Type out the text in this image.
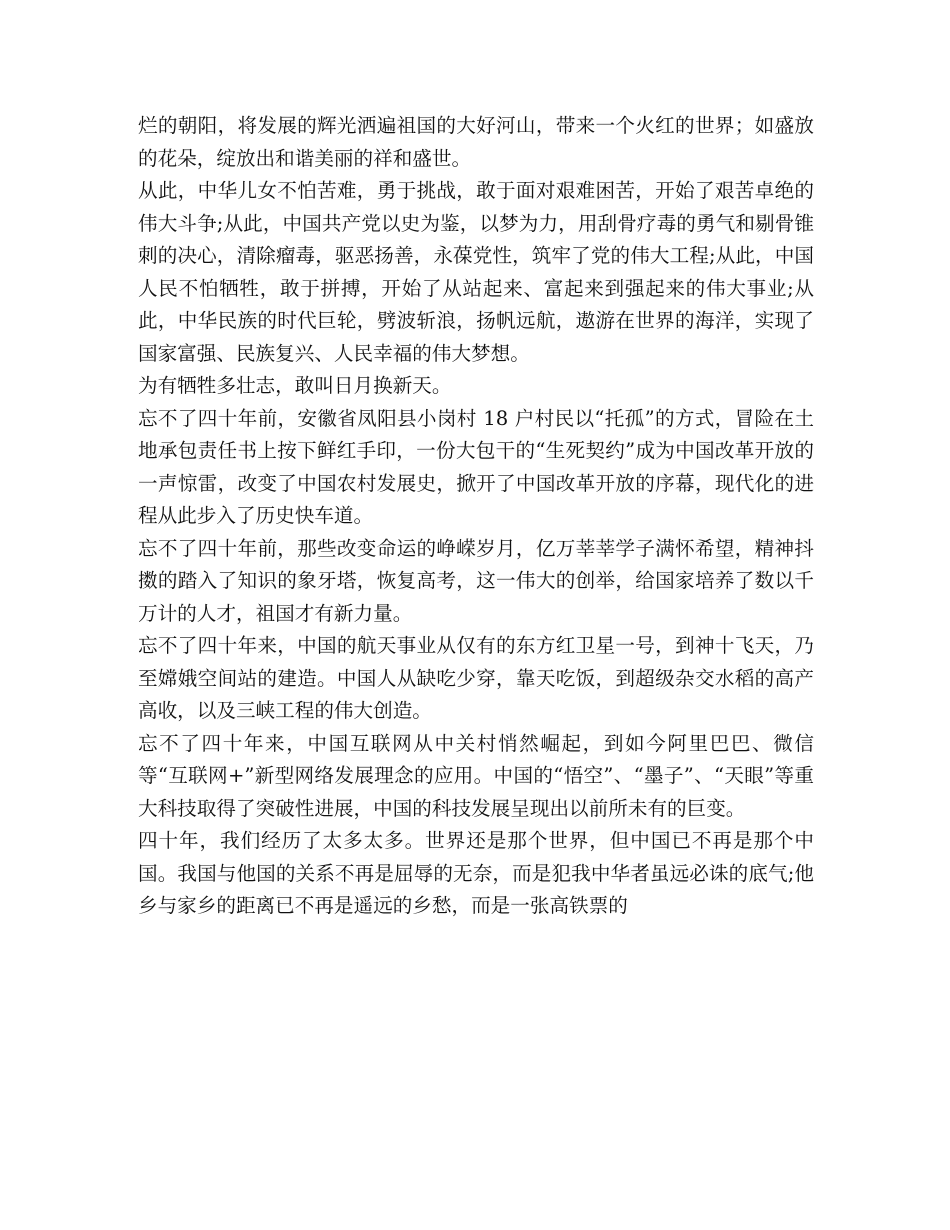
烂的朝阳，将发展的辉光洒遍祖国的大好河山，带来一个火红的世界；如盛放的花朵，绽放出和谐美丽的祥和盛世。

从此，中华儿女不怕苦难，勇于挑战，敢于面对艰难困苦，开始了艰苦卓绝的伟大斗争;从此，中国共产党以史为鉴，以梦为力，用刮骨疗毒的勇气和剔骨锥刺的决心，清除瘤毒，驱恶扬善，永葆党性，筑牢了党的伟大工程;从此，中国人民不怕牺牲，敢于拼搏，开始了从站起来、富起来到强起来的伟大事业;从此，中华民族的时代巨轮，劈波斩浪，扬帆远航，遨游在世界的海洋，实现了国家富强、民族复兴、人民幸福的伟大梦想。

为有牺牲多壮志，敢叫日月换新天。

忘不了四十年前，安徽省凤阳县小岗村 18 户村民以“托孤”的方式，冒险在土地承包责任书上按下鲜红手印，一份大包干的“生死契约”成为中国改革开放的一声惊雷，改变了中国农村发展史，掀开了中国改革开放的序幕，现代化的进程从此步入了历史快车道。

忘不了四十年前，那些改变命运的峥嵘岁月，亿万莘莘学子满怀希望，精神抖擞的踏入了知识的象牙塔，恢复高考，这一伟大的创举，给国家培养了数以千万计的人才，祖国才有新力量。

忘不了四十年来，中国的航天事业从仅有的东方红卫星一号，到神十飞天，乃至嫦娥空间站的建造。中国人从缺吃少穿，靠天吃饭，到超级杂交水稻的高产高收，以及三峡工程的伟大创造。

忘不了四十年来，中国互联网从中关村悄然崛起，到如今阿里巴巴、微信等“互联网+”新型网络发展理念的应用。中国的“悟空”、“墨子”、“天眼”等重大科技取得了突破性进展，中国的科技发展呈现出以前所未有的巨变。

四十年，我们经历了太多太多。世界还是那个世界，但中国已不再是那个中国。我国与他国的关系不再是屈辱的无奈，而是犯我中华者虽远必诛的底气;他乡与家乡的距离已不再是遥远的乡愁，而是一张高铁票的
